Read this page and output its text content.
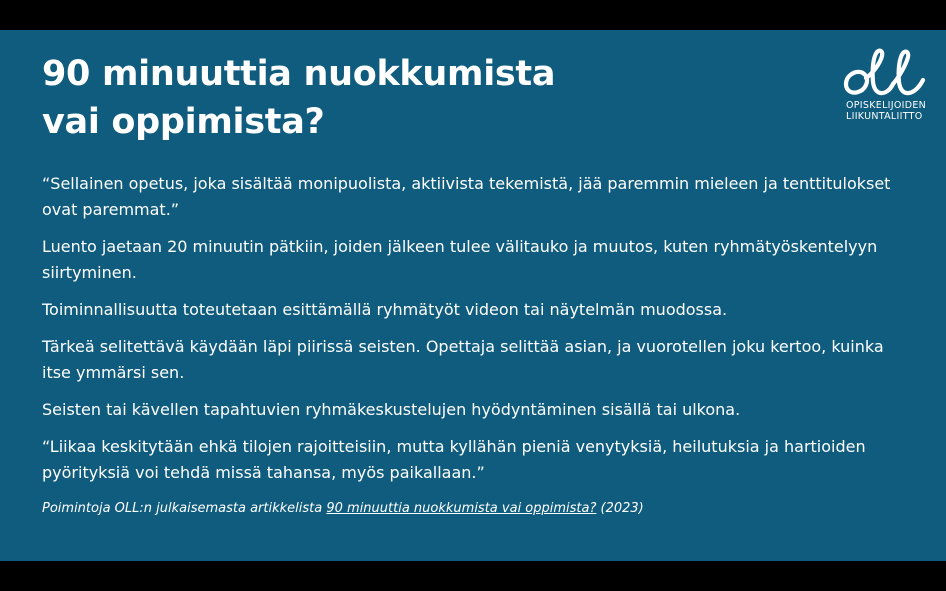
90 minuuttia nuokkumista
vai oppimista?	OPISKELIJOIDEN
LIIKUNTALIITTO

“Sellainen opetus, joka sisältää monipuolista, aktiivista tekemistä, jää paremmin mieleen ja tenttitulokset ovat paremmat.”

Luento jaetaan 20 minuutin pätkiin, joiden jälkeen tulee välitauko ja muutos, kuten ryhmätyöskentelyyn siirtyminen.

Toiminnallisuutta toteutetaan esittämällä ryhmätyöt videon tai näytelmän muodossa.

Tärkeä selitettävä käydään läpi piirissä seisten. Opettaja selittää asian, ja vuorotellen joku kertoo, kuinka itse ymmärsi sen.

Seisten tai kävellen tapahtuvien ryhmäkeskustelujen hyödyntäminen sisällä tai ulkona.

“Liikaa keskitytään ehkä tilojen rajoitteisiin, mutta kyllähän pieniä venytyksiä, heilutuksia ja hartioiden pyörityksiä voi tehdä missä tahansa, myös paikallaan.”

Poimintoja OLL:n julkaisemasta artikkelista 90 minuuttia nuokkumista vai oppimista? (2023)
